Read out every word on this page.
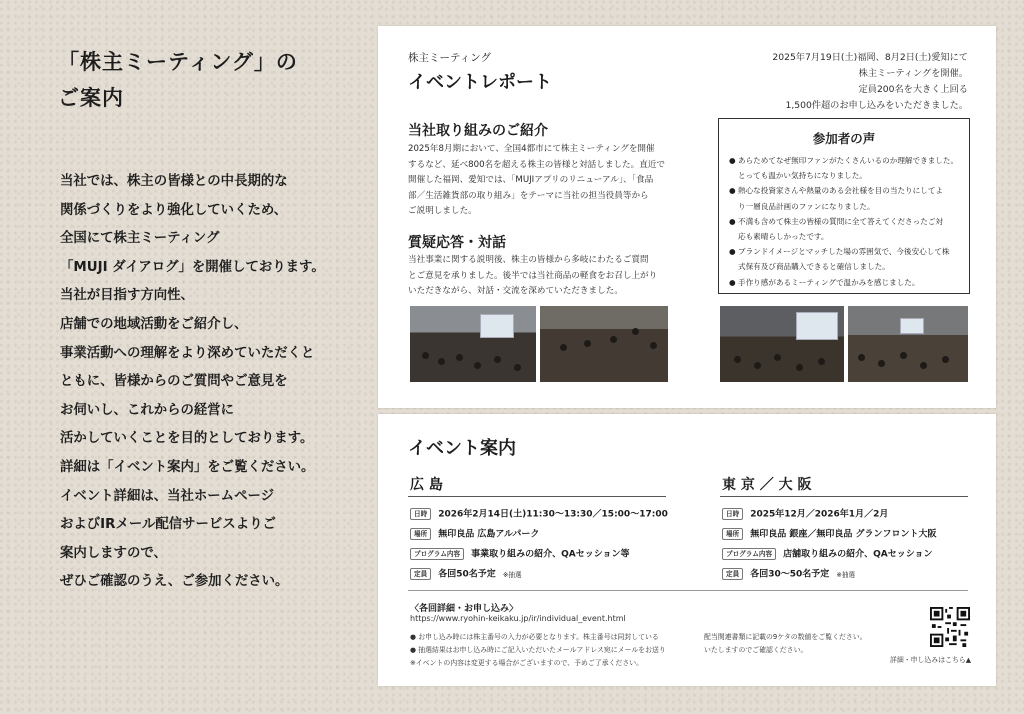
「株主ミーティング」の
ご案内
当社では、株主の皆様との中長期的な
関係づくりをより強化していくため、
全国にて株主ミーティング
「MUJI ダイアログ」を開催しております。
当社が目指す方向性、
店舗での地域活動をご紹介し、
事業活動への理解をより深めていただくと
ともに、皆様からのご質問やご意見を
お伺いし、これからの経営に
活かしていくことを目的としております。
詳細は「イベント案内」をご覧ください。
イベント詳細は、当社ホームページ
およびIRメール配信サービスよりご
案内しますので、
ぜひご確認のうえ、ご参加ください。
株主ミーティング
イベントレポート
2025年7月19日(土)福岡、8月2日(土)愛知にて
株主ミーティングを開催。
定員200名を大きく上回る
1,500件超のお申し込みをいただきました。
当社取り組みのご紹介
2025年8月期において、全国4都市にて株主ミーティングを開催
するなど、延べ800名を超える株主の皆様と対話しました。直近で
開催した福岡、愛知では、「MUJIアプリのリニューアル」、「食品
部／生活雑貨部の取り組み」をテーマに当社の担当役員等から
ご説明しました。
質疑応答・対話
当社事業に関する説明後、株主の皆様から多岐にわたるご質問
とご意見を承りました。後半では当社商品の軽食をお召し上がり
いただきながら、対話・交流を深めていただきました。
参加者の声
● あらためてなぜ無印ファンがたくさんいるのか理解できました。
とっても温かい気持ちになりました。
● 熱心な投資家さんや熱量のある会社様を目の当たりにしてよ
り一層良品計画のファンになりました。
● 不満も含めて株主の皆様の質問に全て答えてくださったご対
応も素晴らしかったです。
● ブランドイメージとマッチした場の雰囲気で、今後安心して株
式保有及び商品購入できると確信しました。
● 手作り感があるミーティングで温かみを感じました。
イベント案内
広 島
日時 2026年2月14日(土)11:30〜13:30／15:00〜17:00
場所 無印良品 広島アルパーク
プログラム内容 事業取り組みの紹介、QAセッション等
定員 各回50名予定 ※抽選
東 京 ／ 大 阪
日時 2025年12月／2026年1月／2月
場所 無印良品 銀座／無印良品 グランフロント大阪
プログラム内容 店舗取り組みの紹介、QAセッション
定員 各回30〜50名予定 ※抽選
〈各回詳細・お申し込み〉
https://www.ryohin-keikaku.jp/ir/individual_event.html
● お申し込み時には株主番号の入力が必要となります。株主番号は同封している
● 抽選結果はお申し込み時にご記入いただいたメールアドレス宛にメールをお送り
※イベントの内容は変更する場合がございますので、予めご了承ください。
配当関連書類に記載の9ケタの数値をご覧ください。
いたしますのでご確認ください。
詳細・申し込みはこちら▲
